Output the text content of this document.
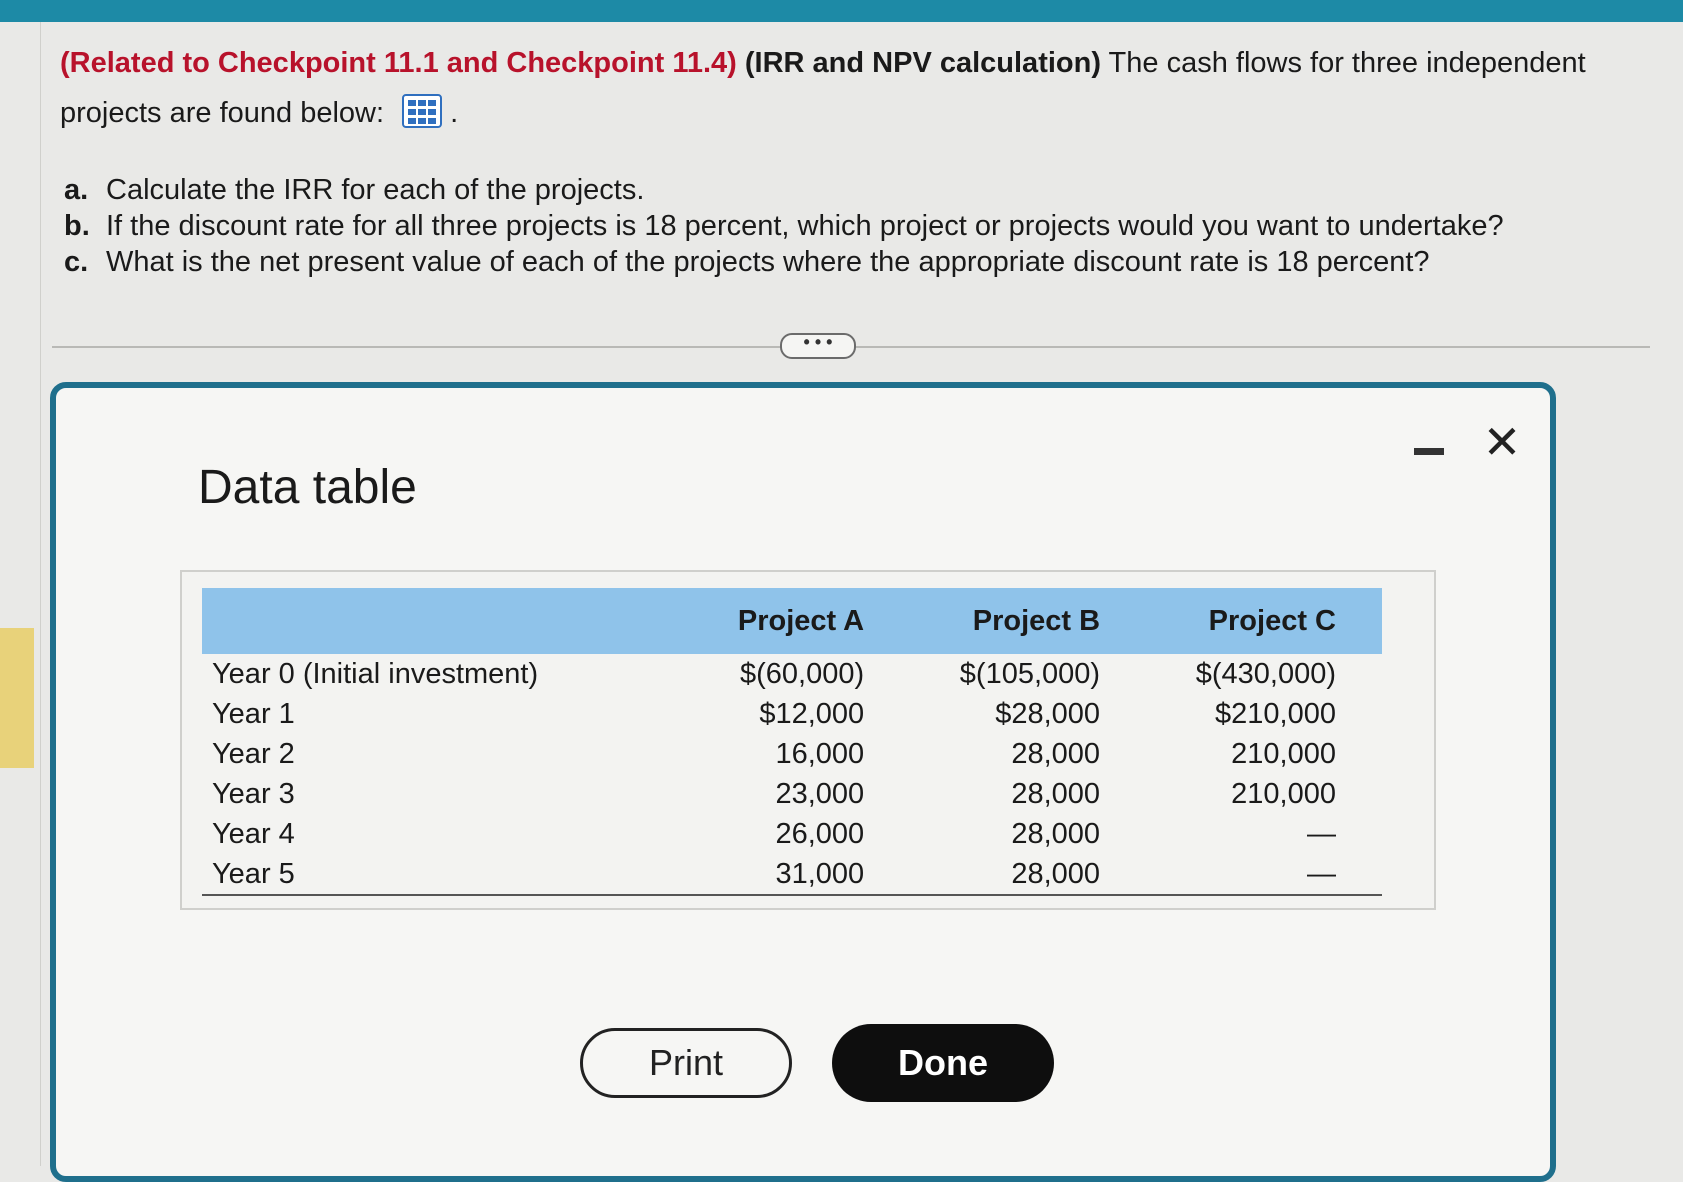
(Related to Checkpoint 11.1 and Checkpoint 11.4) (IRR and NPV calculation) The cash flows for three independent
projects are found below: .
a. Calculate the IRR for each of the projects.
b. If the discount rate for all three projects is 18 percent, which project or projects would you want to undertake?
c. What is the net present value of each of the projects where the appropriate discount rate is 18 percent?
• • •
Data table
✕
	Project A	Project B	Project C
Year 0 (Initial investment)	$(60,000)	$(105,000)	$(430,000)
Year 1	$12,000	$28,000	$210,000
Year 2	16,000	28,000	210,000
Year 3	23,000	28,000	210,000
Year 4	26,000	28,000	—
Year 5	31,000	28,000	—
Print	Done
